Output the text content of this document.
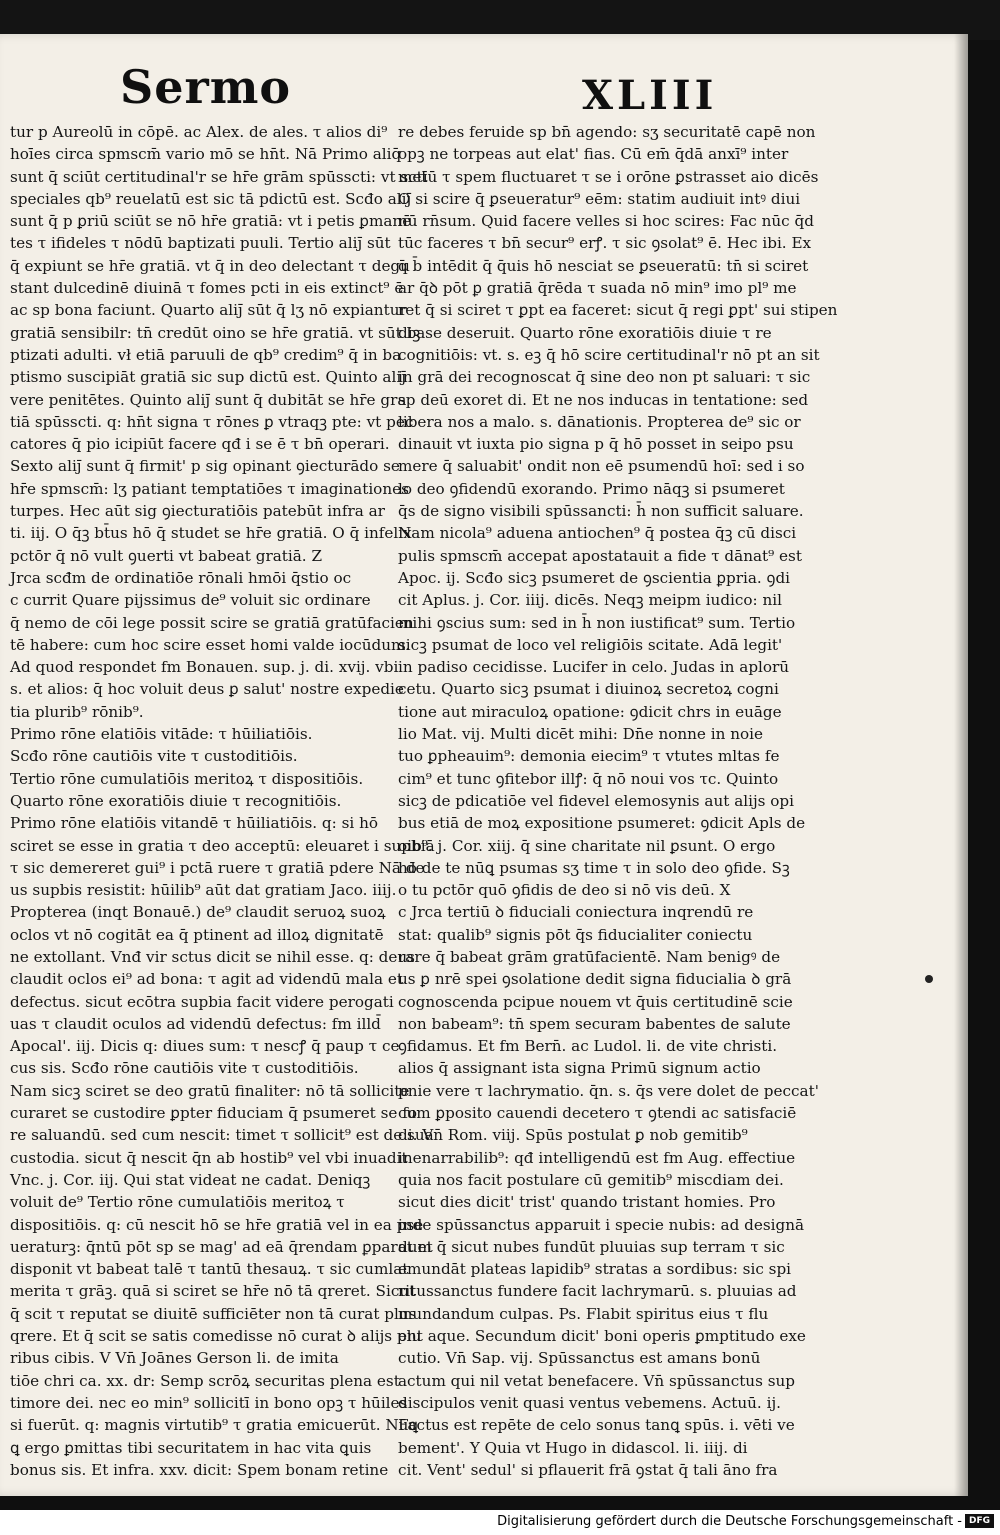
Sermo	XLIII
tur p Aureolū in cōpē. ac Alex. de ales. τ alios di⁹
hoīes circa spmscm̄ vario mō se hn̄t. Nā Primo aliq̄
sunt q̄ sciūt certitudinal'r se hr̄e grām spūsscti: vt sctī
speciales qb⁹ reuelatū est sic tā pdictū est. Scđo alij̄
sunt q̄ p ꝑriū sciūt se nō hr̄e gratiā: vt i petis ꝑmanē
tes τ ifideles τ nōdū baptizati puuli. Tertio alij̄ sūt
q̄ expiunt se hr̄e gratiā. vt q̄ in deo delectant τ degu
stant dulcedinē diuinā τ fomes pcti in eis extinct⁹ ē
ac sp bona faciunt. Quarto alij̄ sūt q̄ lʒ nō expiantur
gratiā sensibilr: tn̄ credūt oino se hr̄e gratiā. vt sūt ba
ptizati adulti. vł etiā paruuli de qb⁹ credim⁹ q̄ in ba
ptismo suscipiāt gratiā sic sup dictū est. Quinto alij̄
vere penitētes. Quinto alij̄ sunt q̄ dubitāt se hr̄e gra
tiā spūsscti. q: hn̄t signa τ rōnes ꝑ vtraqꝫ pte: vt pec
catores q̄ pio icipiūt facere qđ i se ē τ bn̄ operari.
Sexto alij̄ sunt q̄ firmit' p sig opinant ꝯiecturādo se
hr̄e spmscm̄: lʒ patiant temptatiōes τ imaginationes
turpes. Hec aūt sig ꝯiecturatiōis patebūt infra ar
ti. iij. O q̄ꝫ bt̄us hō q̄ studet se hr̄e gratiā. O q̄ infelix
pctōr q̄ nō vult ꝯuerti vt babeat gratiā. Z
Jrca scđm de ordinatiōe rōnali hmōi q̄stio oc
c currit Quare pijssimus de⁹ voluit sic ordinare
q̄ nemo de cōi lege possit scire se gratiā gratūfacien
tē habere: cum hoc scire esset homi valde iocūdum.
Ad quod respondet fm Bonauen. sup. j. di. xvij. vbi
s. et alios: q̄ hoc voluit deus ꝑ salut' nostre expedie
tia plurib⁹ rōnib⁹.
Primo rōne elatiōis vitāde: τ hūiliatiōis.
Scđo rōne cautiōis vite τ custoditiōis.
Tertio rōne cumulatiōis meritoꝝ τ dispositiōis.
Quarto rōne exoratiōis diuie τ recognitiōis.
Primo rōne elatiōis vitandē τ hūiliatiōis. q: si hō
sciret se esse in gratia τ deo acceptū: eleuaret i supbiā
τ sic demereret gui⁹ i pctā ruere τ gratiā pdere Nā de
us supbis resistit: hūilib⁹ aūt dat gratiam Jaco. iiij.
Propterea (inqt Bonauē.) de⁹ claudit seruoꝝ suoꝝ
oclos vt nō cogitāt ea q̄ ptinent ad illoꝝ dignitatē
ne extollant. Vnđ vir sctus dicit se nihil esse. q: deus
claudit oclos ei⁹ ad bona: τ agit ad videndū mala et
defectus. sicut ecōtra supbia facit videre perogati
uas τ claudit oculos ad videndū defectus: fm illd̄
Apocal'. iij. Dicis q: diues sum: τ nescꝭ q̄ paup τ ce
cus sis. Scđo rōne cautiōis vite τ custoditiōis.
Nam sicꝫ sciret se deo gratū finaliter: nō tā sollicite
curaret se custodire ꝑpter fiduciam q̄ psumeret se fo
re saluandū. sed cum nescit: timet τ sollicit⁹ est de sua
custodia. sicut q̄ nescit q̄n ab hostib⁹ vel vbi inuadit
Vnc. j. Cor. iij. Qui stat videat ne cadat. Deniqꝫ
voluit de⁹ Tertio rōne cumulatiōis meritoꝝ τ
dispositiōis. q: cū nescit hō se hr̄e gratiā vel in ea pse
ueraturꝫ: q̄ntū pōt sp se mag' ad eā q̄rendam ꝑparat et
disponit vt babeat talē τ tantū thesauꝝ. τ sic cumlat
merita τ grāꝫ. quā si sciret se hr̄e nō tā qreret. Sicut
q̄ scit τ reputat se diuitē sufficiēter non tā curat plus
qrere. Et q̄ scit se satis comedisse nō curat ꝺ alijs plu
ribus cibis. V Vn̄ Joānes Gerson li. de imita
tiōe chri ca. xx. dr: Semp scrōꝝ securitas plena est
timore dei. nec eo min⁹ sollicitī in bono opꝫ τ hūiles
si fuerūt. q: magnis virtutib⁹ τ gratia emicuerūt. Nūꝗ
ꝗ ergo ꝑmittas tibi securitatem in hac vita ꝗuis
bonus sis. Et infra. xxv. dicit: Spem bonam retine
re debes feruide sp bn̄ agendo: sʒ securitatē capē non
opꝫ ne torpeas aut elat' fias. Cū em̄ q̄dā anxī⁹ inter
metū τ spem fluctuaret τ se i orōne ꝑstrasset aio dicēs
O si scire q̄ ꝑseueratur⁹ eēm: statim audiuit intꝰ diui
nū rn̄sum. Quid facere velles si hoc scires: Fac nūc q̄d
tūc faceres τ bn̄ secur⁹ erꝭ. τ sic ꝯsolat⁹ ē. Hec ibi. Ex
q̄ b̄ intēdit q̄ q̄uis hō nesciat se ꝑseueratū: tn̄ si sciret
ar q̄ꝺ pōt ꝑ gratiā q̄rēda τ suada nō min⁹ imo pl⁹ me
ret q̄ si sciret τ ꝑpt ea faceret: sicut q̄ regi ꝑpt' sui stipen
diꝫ se deseruit. Quarto rōne exoratiōis diuie τ re
cognitiōis: vt. s. eꝫ q̄ hō scire certitudinal'r nō pt an sit
in grā dei recognoscat q̄ sine deo non pt saluari: τ sic
sp deū exoret di. Et ne nos inducas in tentatione: sed
libera nos a malo. s. dānationis. Propterea de⁹ sic or
dinauit vt iuxta pio signa p q̄ hō posset in seipo psu
mere q̄ saluabit' ondit non eē psumendū hoī: sed i so
lo deo ꝯfidendū exorando. Primo nāqꝫ si psumeret
q̄s de signo visibili spūssancti: h̄ non sufficit saluare.
Nam nicola⁹ aduena antiochen⁹ q̄ postea q̄ꝫ cū disci
pulis spmscm̄ accepat apostatauit a fide τ dānat⁹ est
Apoc. ij. Scđo sicꝫ psumeret de ꝯscientia ꝑpria. ꝯdi
cit Aplus. j. Cor. iiij. dicēs. Neqꝫ meipm iudico: nil
mihi ꝯscius sum: sed in h̄ non iustificat⁹ sum. Tertio
sicꝫ psumat de loco vel religiōis scitate. Adā legit'
in padiso cecidisse. Lucifer in celo. Judas in aplorū
cetu. Quarto sicꝫ psumat i diuinoꝝ secretoꝝ cogni
tione aut miraculoꝝ opatione: ꝯdicit chrs in euāge
lio Mat. vij. Multi dicēt mihi: Dn̄e nonne in noie
tuo ꝑpheauim⁹: demonia eiecim⁹ τ vtutes mltas fe
cim⁹ et tunc ꝯfitebor illꝭ: q̄ nō noui vos τc. Quinto
sicꝫ de pdicatiōe vel fidevel elemosynis aut alijs opi
bus etiā de moꝝ expositione psumeret: ꝯdicit Apls de
oib⁹. j. Cor. xiij. q̄ sine charitate nil ꝑsunt. O ergo
hō de te nūꝗ psumas sʒ time τ in solo deo ꝯfide. Sꝫ
o tu pctōr quō ꝯfidis de deo si nō vis deū. X
c Jrca tertiū ꝺ fiduciali coniectura inqrendū re
stat: qualib⁹ signis pōt q̄s fiducialiter coniectu
rare q̄ babeat grām gratūfacientē. Nam benigꝰ de
us ꝑ nrē spei ꝯsolatione dedit signa fiducialia ꝺ grā
cognoscenda pcipue nouem vt q̄uis certitudinē scie
non babeam⁹: tn̄ spem securam babentes de salute
ꝯfidamus. Et fm Bern̄. ac Ludol. li. de vite christi.
alios q̄ assignant ista signa Primū signum actio
pnie vere τ lachrymatio. q̄n. s. q̄s vere dolet de peccat'
cum ꝑposito cauendi decetero τ ꝯtendi ac satisfaciē
di. Vn̄ Rom. viij. Spūs postulat ꝑ nob gemitib⁹
inenarrabilib⁹: qđ intelligendū est fm Aug. effectiue
quia nos facit postulare cū gemitib⁹ miscdiam dei.
sicut dies dicit' trist' quando tristant homies. Pro
inde spūssanctus apparuit i specie nubis: ad designā
dum q̄ sicut nubes fundūt pluuias sup terram τ sic
emundāt plateas lapidib⁹ stratas a sordibus: sic spi
ritussanctus fundere facit lachrymarū. s. pluuias ad
mundandum culpas. Ps. Flabit spiritus eius τ flu
ent aque. Secundum dicit' boni operis ꝑmptitudo exe
cutio. Vn̄ Sap. vij. Spūssanctus est amans bonū
actum qui nil vetat benefacere. Vn̄ spūssanctus sup
discipulos venit quasi ventus vebemens. Actuū. ij.
Factus est repēte de celo sonus tanꝗ spūs. i. vēti ve
bement'. Y Quia vt Hugo in didascol. li. iiij. di
cit. Vent' sedul' si pflauerit frā ꝯstat q̄ tali āno fra
Digitalisierung gefördert durch die Deutsche Forschungsgemeinschaft - DFG
